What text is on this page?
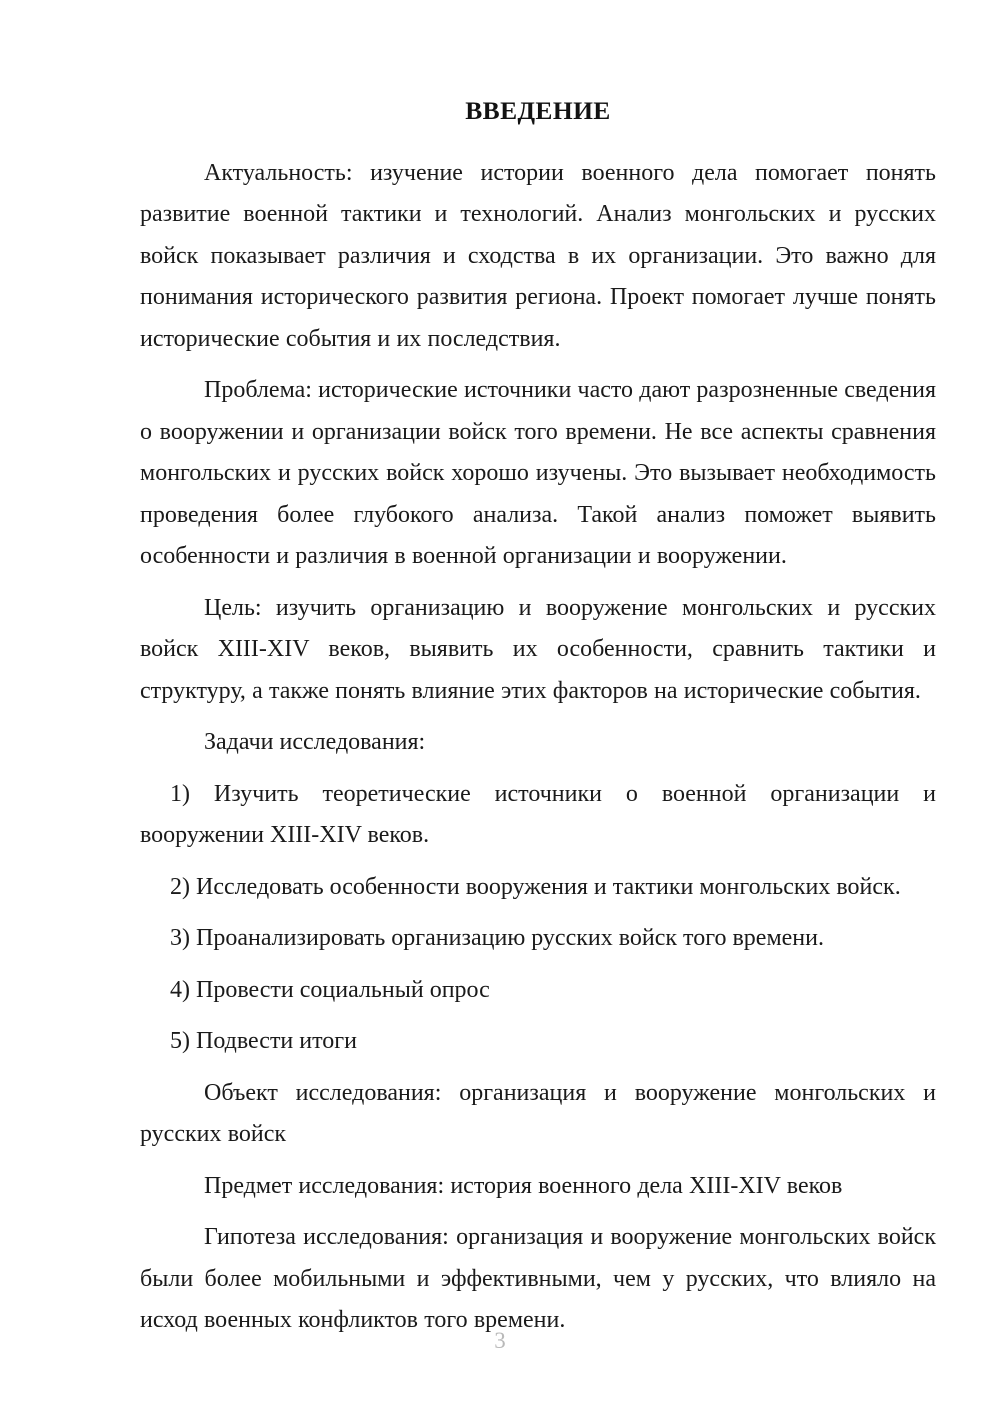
ВВЕДЕНИЕ

Актуальность: изучение истории военного дела помогает понять развитие военной тактики и технологий. Анализ монгольских и русских войск показывает различия и сходства в их организации. Это важно для понимания исторического развития региона. Проект помогает лучше понять исторические события и их последствия.

Проблема: исторические источники часто дают разрозненные сведения о вооружении и организации войск того времени. Не все аспекты сравнения монгольских и русских войск хорошо изучены. Это вызывает необходимость проведения более глубокого анализа. Такой анализ поможет выявить особенности и различия в военной организации и вооружении.

Цель: изучить организацию и вооружение монгольских и русских войск XIII-XIV веков, выявить их особенности, сравнить тактики и структуру, а также понять влияние этих факторов на исторические события.

Задачи исследования:

1) Изучить теоретические источники о военной организации и вооружении XIII-XIV веков.

2) Исследовать особенности вооружения и тактики монгольских войск.

3) Проанализировать организацию русских войск того времени.

4) Провести социальный опрос

5) Подвести итоги

Объект исследования: организация и вооружение монгольских и русских войск

Предмет исследования: история военного дела XIII-XIV веков

Гипотеза исследования: организация и вооружение монгольских войск были более мобильными и эффективными, чем у русских, что влияло на исход военных конфликтов того времени.

3
